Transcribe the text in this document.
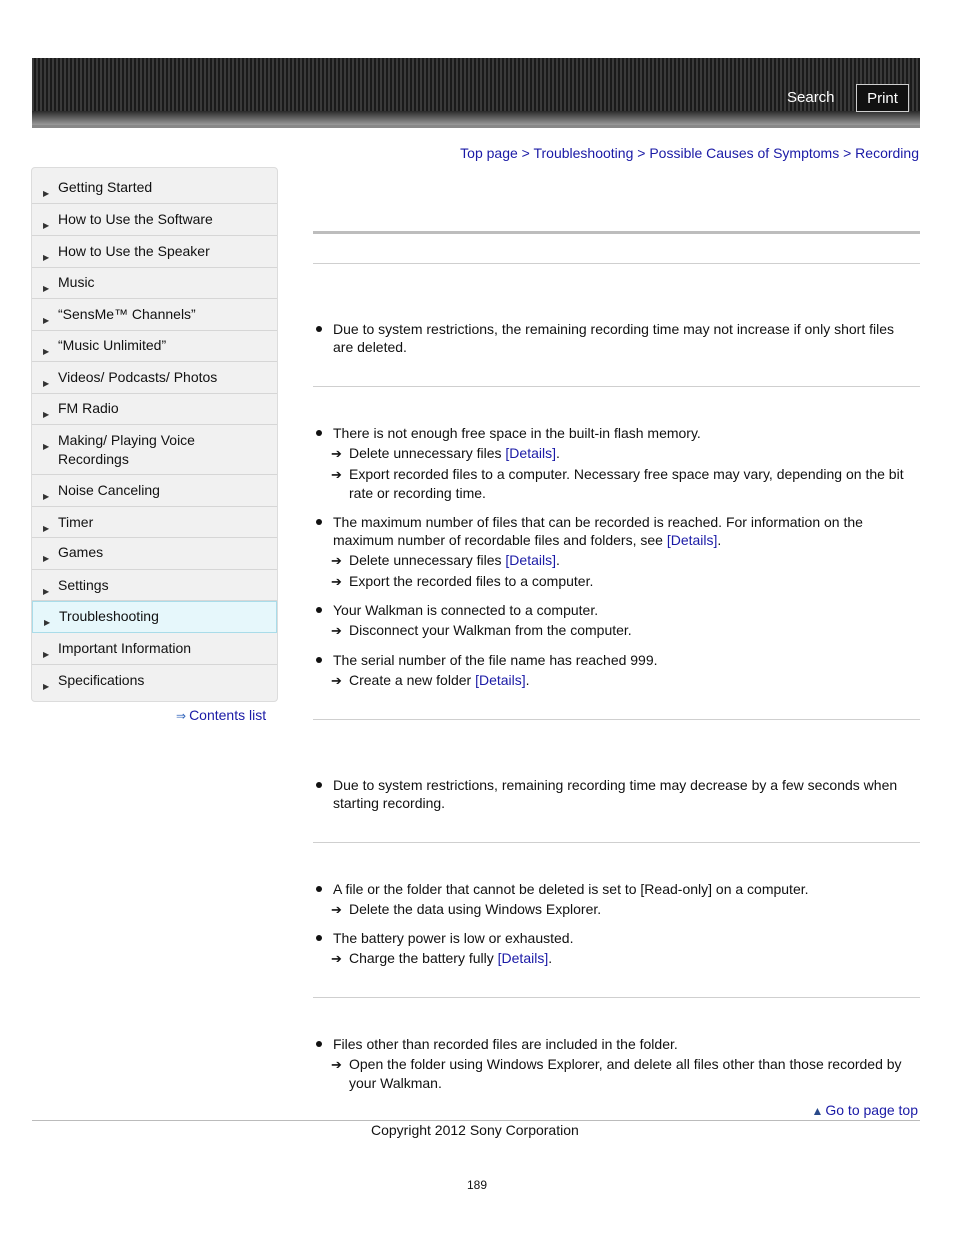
Search	Print
Top page > Troubleshooting > Possible Causes of Symptoms > Recording
▶ Getting Started
▶ How to Use the Software
▶ How to Use the Speaker
▶ Music
▶ “SensMe™ Channels”
▶ “Music Unlimited”
▶ Videos/ Podcasts/ Photos
▶ FM Radio
▶ Making/ Playing Voice Recordings
▶ Noise Canceling
▶ Timer
▶ Games
▶ Settings
▶ Troubleshooting
▶ Important Information
▶ Specifications
⇒ Contents list
Due to system restrictions, the remaining recording time may not increase if only short files are deleted.
There is not enough free space in the built-in flash memory.
➔ Delete unnecessary files [Details].
➔ Export recorded files to a computer. Necessary free space may vary, depending on the bit rate or recording time.
The maximum number of files that can be recorded is reached. For information on the maximum number of recordable files and folders, see [Details].
➔ Delete unnecessary files [Details].
➔ Export the recorded files to a computer.
Your Walkman is connected to a computer.
➔ Disconnect your Walkman from the computer.
The serial number of the file name has reached 999.
➔ Create a new folder [Details].
Due to system restrictions, remaining recording time may decrease by a few seconds when starting recording.
A file or the folder that cannot be deleted is set to [Read-only] on a computer.
➔ Delete the data using Windows Explorer.
The battery power is low or exhausted.
➔ Charge the battery fully [Details].
Files other than recorded files are included in the folder.
➔ Open the folder using Windows Explorer, and delete all files other than those recorded by your Walkman.
▲ Go to page top
Copyright 2012 Sony Corporation
189
